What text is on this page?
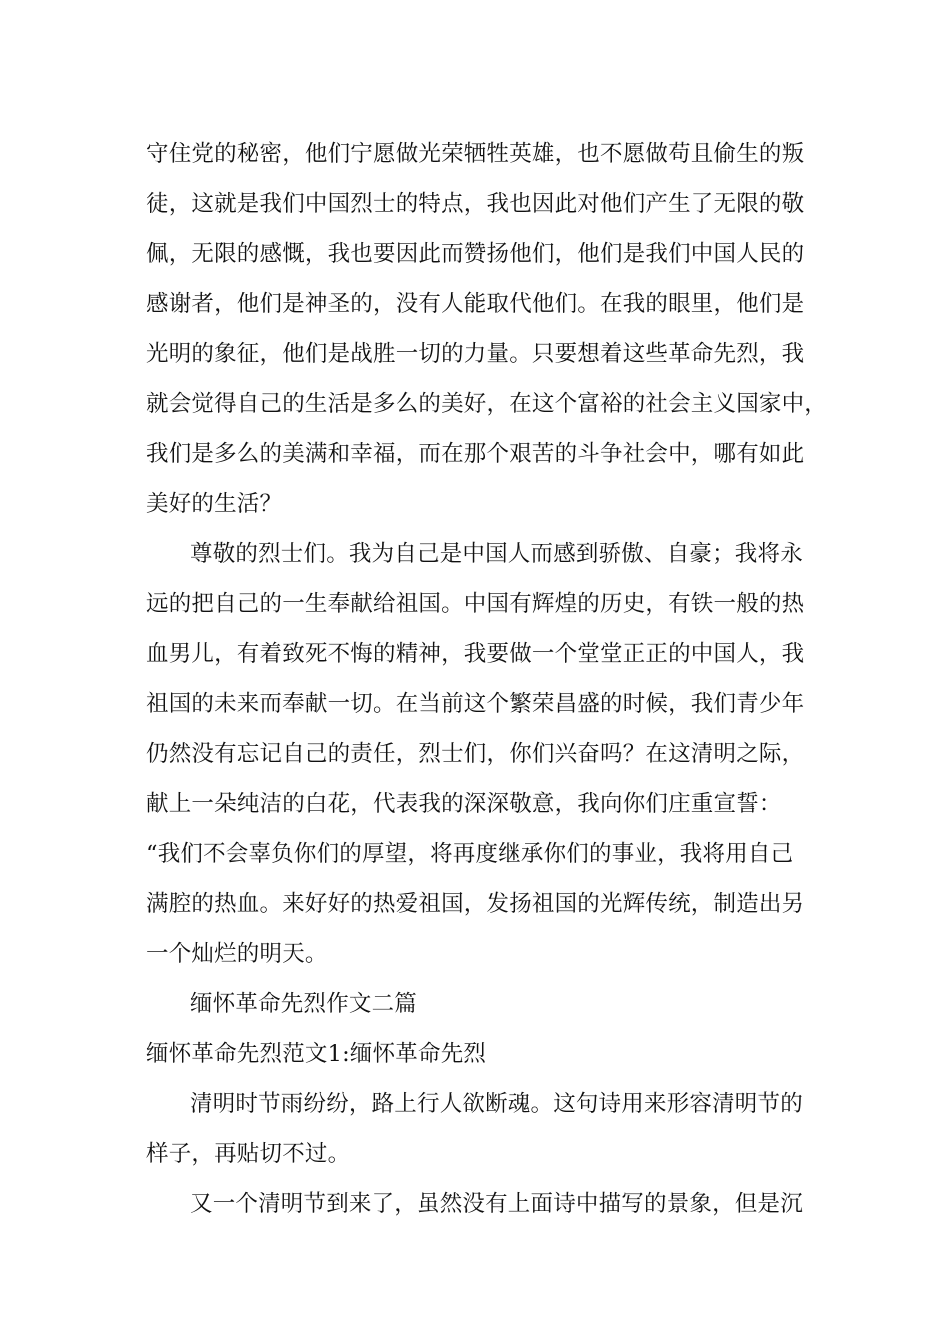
守住党的秘密，他们宁愿做光荣牺牲英雄，也不愿做苟且偷生的叛
徒，这就是我们中国烈士的特点，我也因此对他们产生了无限的敬
佩，无限的感慨，我也要因此而赞扬他们，他们是我们中国人民的
感谢者，他们是神圣的，没有人能取代他们。在我的眼里，他们是
光明的象征，他们是战胜一切的力量。只要想着这些革命先烈，我
就会觉得自己的生活是多么的美好，在这个富裕的社会主义国家中，
我们是多么的美满和幸福，而在那个艰苦的斗争社会中，哪有如此
美好的生活？
尊敬的烈士们。我为自己是中国人而感到骄傲、自豪；我将永
远的把自己的一生奉献给祖国。中国有辉煌的历史，有铁一般的热
血男儿，有着致死不悔的精神，我要做一个堂堂正正的中国人，我
祖国的未来而奉献一切。在当前这个繁荣昌盛的时候，我们青少年
仍然没有忘记自己的责任，烈士们，你们兴奋吗？在这清明之际，
献上一朵纯洁的白花，代表我的深深敬意，我向你们庄重宣誓：
“我们不会辜负你们的厚望，将再度继承你们的事业，我将用自己
满腔的热血。来好好的热爱祖国，发扬祖国的光辉传统，制造出另
一个灿烂的明天。
缅怀革命先烈作文二篇
缅怀革命先烈范文1:缅怀革命先烈
清明时节雨纷纷，路上行人欲断魂。这句诗用来形容清明节的
样子，再贴切不过。
又一个清明节到来了，虽然没有上面诗中描写的景象，但是沉
